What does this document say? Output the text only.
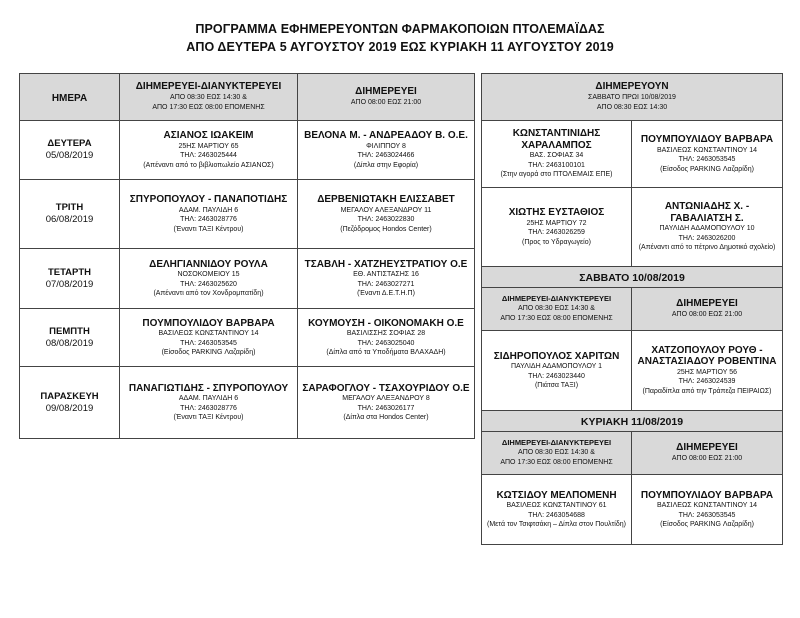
ΠΡΟΓΡΑΜΜΑ ΕΦΗΜΕΡΕΥΟΝΤΩΝ ΦΑΡΜΑΚΟΠΟΙΩΝ ΠΤΟΛΕΜΑΪΔΑΣ
ΑΠΟ ΔΕΥΤΕΡΑ 5 ΑΥΓΟΥΣΤΟΥ 2019 ΕΩΣ ΚΥΡΙΑΚΗ 11 ΑΥΓΟΥΣΤΟΥ 2019
ΗΜΕΡΑ	ΔΙΗΜΕΡΕΥΕΙ-ΔΙΑΝΥΚΤΕΡΕΥΕΙ
ΑΠΟ 08:30 ΕΩΣ 14:30 &
ΑΠΟ 17:30 ΕΩΣ 08:00 ΕΠΟΜΕΝΗΣ	ΔΙΗΜΕΡΕΥΕΙ
ΑΠΟ 08:00 ΕΩΣ 21:00

ΔΕΥΤΕΡΑ
05/08/2019	ΑΣΙΑΝΟΣ ΙΩΑΚΕΙΜ
25ΗΣ ΜΑΡΤΙΟΥ 65
ΤΗΛ: 2463025444
(Απέναντι από το βιβλιοπωλείο ΑΣΙΑΝΟΣ)	ΒΕΛΟΝΑ Μ. - ΑΝΔΡΕΑΔΟΥ Β. Ο.Ε.
ΦΙΛΙΠΠΟΥ 8
ΤΗΛ: 2463024466
(Δίπλα στην Εφορία)

ΤΡΙΤΗ
06/08/2019	ΣΠΥΡΟΠΟΥΛΟΥ - ΠΑΝΑΠΟΤΙΔΗΣ
ΑΔΑΜ. ΠΑΥΛΙΔΗ 6
ΤΗΛ: 2463028776
(Έναντι ΤΑΞΙ Κέντρου)	ΔΕΡΒΕΝΙΩΤΑΚΗ ΕΛΙΣΣΑΒΕΤ
ΜΕΓΑΛΟΥ ΑΛΕΞΑΝΔΡΟΥ 11
ΤΗΛ: 2463022830
(Πεζόδρομος Hondos Center)

ΤΕΤΑΡΤΗ
07/08/2019	ΔΕΛΗΓΙΑΝΝΙΔΟΥ ΡΟΥΛΑ
ΝΟΣΟΚΟΜΕΙΟΥ 15
ΤΗΛ: 2463025620
(Απέναντι από τον Χονδρομπατίδη)	ΤΣΑΒΛΗ - ΧΑΤΖΗΕΥΣΤΡΑΤΙΟΥ Ο.Ε
ΕΘ. ΑΝΤΙΣΤΑΣΗΣ 16
ΤΗΛ: 2463027271
(Έναντι Δ.Ε.Τ.Η.Π)

ΠΕΜΠΤΗ
08/08/2019	ΠΟΥΜΠΟΥΛΙΔΟΥ ΒΑΡΒΑΡΑ
ΒΑΣΙΛΕΩΣ ΚΩΝΣΤΑΝΤΙΝΟΥ 14
ΤΗΛ: 2463053545
(Είσοδος PARKING Λαζαρίδη)	ΚΟΥΜΟΥΣΗ - ΟΙΚΟΝΟΜΑΚΗ Ο.Ε
ΒΑΣΙΛΙΣΣΗΣ ΣΟΦΙΑΣ 28
ΤΗΛ: 2463025040
(Δίπλα από τα Υποδήματα ΒΛΑΧΑΔΗ)

ΠΑΡΑΣΚΕΥΗ
09/08/2019	ΠΑΝΑΓΙΩΤΙΔΗΣ - ΣΠΥΡΟΠΟΥΛΟΥ
ΑΔΑΜ. ΠΑΥΛΙΔΗ 6
ΤΗΛ: 2463028776
(Έναντι ΤΑΞΙ Κέντρου)	ΣΑΡΑΦΟΓΛΟΥ - ΤΣΑΧΟΥΡΙΔΟΥ Ο.Ε
ΜΕΓΑΛΟΥ ΑΛΕΞΑΝΔΡΟΥ 8
ΤΗΛ: 2463026177
(Δίπλα στα Hondos Center)
ΔΙΗΜΕΡΕΥΟΥΝ
ΣΑΒΒΑΤΟ ΠΡΩΙ 10/08/2019
ΑΠΟ 08:30 ΕΩΣ 14:30	

ΚΩΝΣΤΑΝΤΙΝΙΔΗΣ ΧΑΡΑΛΑΜΠΟΣ
ΒΑΣ. ΣΟΦΙΑΣ 34
ΤΗΛ: 2463100101
(Στην αγορά στο ΠΤΟΛΕΜΑΙΣ ΕΠΕ)	ΠΟΥΜΠΟΥΛΙΔΟΥ ΒΑΡΒΑΡΑ
ΒΑΣΙΛΕΩΣ ΚΩΝΣΤΑΝΤΙΝΟΥ 14
ΤΗΛ: 2463053545
(Είσοδος PARKING Λαζαρίδη)

ΧΙΩΤΗΣ ΕΥΣΤΑΘΙΟΣ
25ΗΣ ΜΑΡΤΙΟΥ 72
ΤΗΛ: 2463026259
(Προς το Υδραγωγείο)	ΑΝΤΩΝΙΑΔΗΣ Χ. - ΓΑΒΑΛΙΑΤΣΗ Σ.
ΠΑΥΛΙΔΗ ΑΔΑΜΟΠΟΥΛΟΥ 10
ΤΗΛ: 2463026200
(Απέναντι από το πέτρινο Δημοτικό σχολείο)

ΣΑΒΒΑΤΟ 10/08/2019	

ΔΙΗΜΕΡΕΥΕΙ-ΔΙΑΝΥΚΤΕΡΕΥΕΙ
ΑΠΟ 08:30 ΕΩΣ 14:30 &
ΑΠΟ 17:30 ΕΩΣ 08:00 ΕΠΟΜΕΝΗΣ	ΔΙΗΜΕΡΕΥΕΙ
ΑΠΟ 08:00 ΕΩΣ 21:00

ΣΙΔΗΡΟΠΟΥΛΟΣ ΧΑΡΙΤΩΝ
ΠΑΥΛΙΔΗ ΑΔΑΜΟΠΟΥΛΟΥ 1
ΤΗΛ: 2463023440
(Πιάτσα ΤΑΞΙ)	ΧΑΤΖΟΠΟΥΛΟΥ ΡΟΥΘ - ΑΝΑΣΤΑΣΙΑΔΟΥ ΡΟΒΕΝΤΙΝΑ
25ΗΣ ΜΑΡΤΙΟΥ 56
ΤΗΛ: 2463024539
(Παραδίπλα από την Τράπεζα ΠΕΙΡΑΙΩΣ)

ΚΥΡΙΑΚΗ 11/08/2019	

ΔΙΗΜΕΡΕΥΕΙ-ΔΙΑΝΥΚΤΕΡΕΥΕΙ
ΑΠΟ 08:30 ΕΩΣ 14:30 &
ΑΠΟ 17:30 ΕΩΣ 08:00 ΕΠΟΜΕΝΗΣ	ΔΙΗΜΕΡΕΥΕΙ
ΑΠΟ 08:00 ΕΩΣ 21:00

ΚΩΤΣΙΔΟΥ ΜΕΛΠΟΜΕΝΗ
ΒΑΣΙΛΕΩΣ ΚΩΝΣΤΑΝΤΙΝΟΥ 61
ΤΗΛ: 2463054688
(Μετά τον Τσιφτσάκη – Δίπλα στον Πουλτίδη)	ΠΟΥΜΠΟΥΛΙΔΟΥ ΒΑΡΒΑΡΑ
ΒΑΣΙΛΕΩΣ ΚΩΝΣΤΑΝΤΙΝΟΥ 14
ΤΗΛ: 2463053545
(Είσοδος PARKING Λαζαρίδη)
